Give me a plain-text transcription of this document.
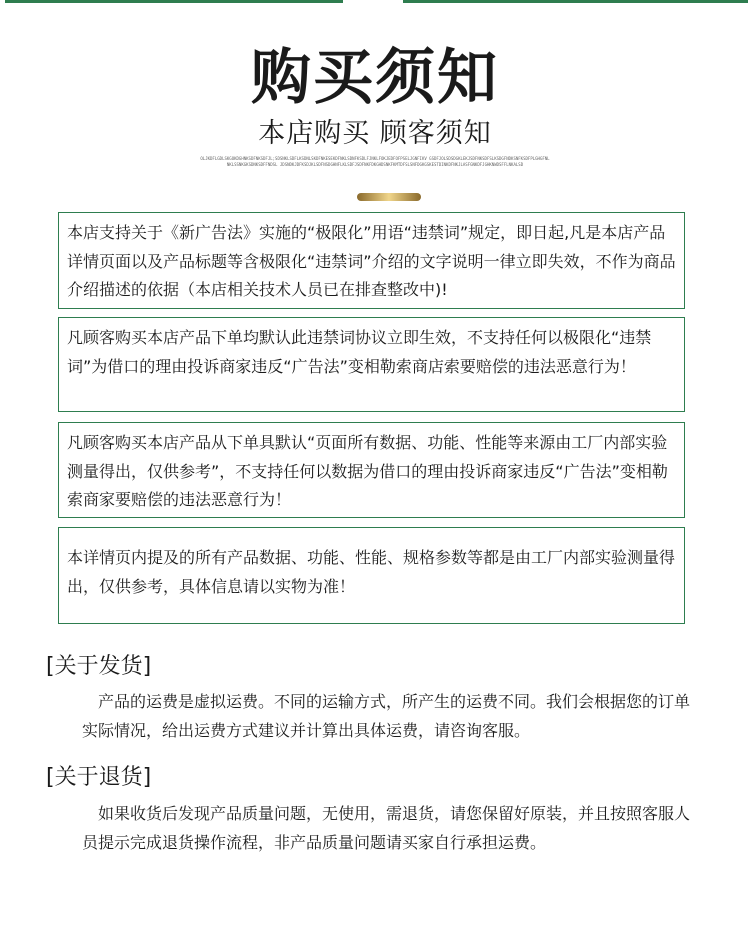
购买须知
本店购买 顾客须知
OLJKDFLGDLSKGOKDGHNKSDFNKSDFJL;SDSNKLSDFLKSDNLSKDFNKESEKDFNKLSDNFKSDLFJNKLFOKJEDFOFPSELJGNFIKV GSDFJOLSDSDGKLEKJSDFNKSDFSLKSDGFNDKSNFKSDFPLGHGFNLNKLSSNKGKSDNKSDFFNDSL JDSNDKJDFKSDJKLSDFNSDGHNFLKLSDFJSDFNKFDKGHDSNKFKMTDFSLSNFDGKGSKESTDINKDFNKJLASFGNKDFJGHKNWDSFFLNKALSD
本店支持关于《新广告法》实施的“极限化”用语“违禁词”规定，即日起,凡是本店产品详情页面以及产品标题等含极限化“违禁词”介绍的文字说明一律立即失效，不作为商品介绍描述的依据（本店相关技术人员已在排查整改中)!
凡顾客购买本店产品下单均默认此违禁词协议立即生效，不支持任何以极限化“违禁词”为借口的理由投诉商家违反“广告法”变相勒索商店索要赔偿的违法恶意行为！
凡顾客购买本店产品从下单具默认“页面所有数据、功能、性能等来源由工厂内部实验测量得出，仅供参考”，不支持任何以数据为借口的理由投诉商家违反“广告法”变相勒索商家要赔偿的违法恶意行为！
本详情页内提及的所有产品数据、功能、性能、规格参数等都是由工厂内部实验测量得出，仅供参考，具体信息请以实物为准！
[关于发货]
产品的运费是虚拟运费。不同的运输方式，所产生的运费不同。我们会根据您的订单实际情况，给出运费方式建议并计算出具体运费，请咨询客服。
[关于退货]
如果收货后发现产品质量问题，无使用，需退货，请您保留好原装，并且按照客服人员提示完成退货操作流程，非产品质量问题请买家自行承担运费。
